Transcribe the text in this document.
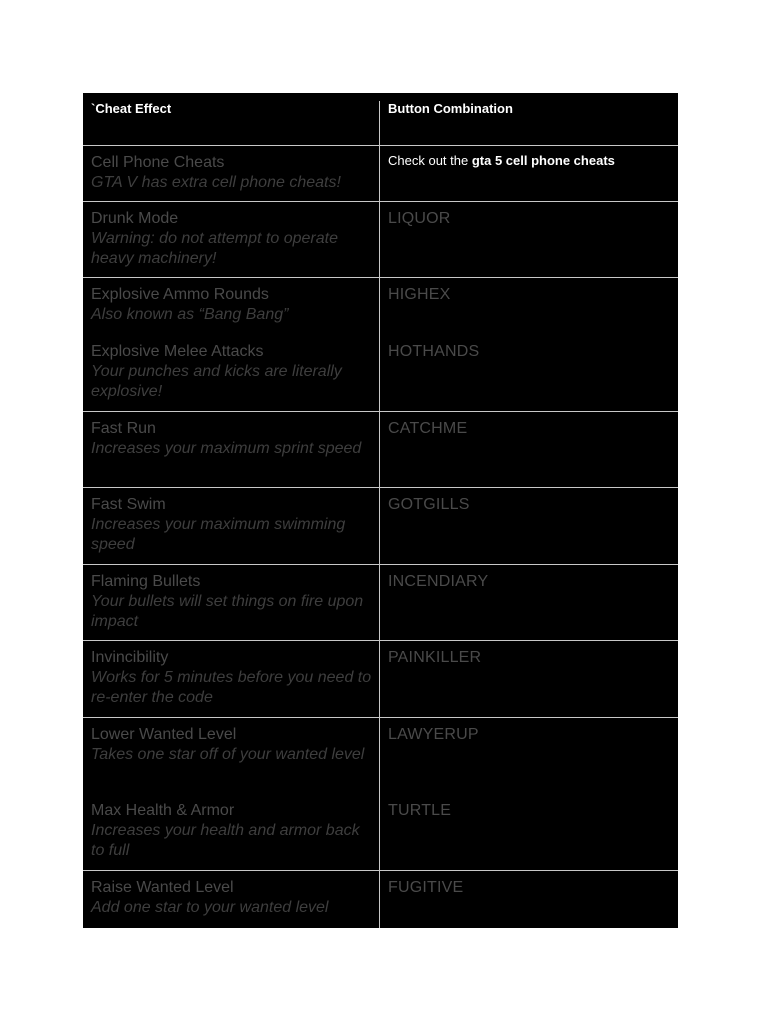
`Cheat Effect	Button Combination
Cell Phone Cheats
GTA V has extra cell phone cheats!
Check out the gta 5 cell phone cheats
Drunk Mode
Warning: do not attempt to operate heavy machinery!
LIQUOR
Explosive Ammo Rounds
Also known as “Bang Bang”
HIGHEX
Explosive Melee Attacks
Your punches and kicks are literally explosive!
HOTHANDS
Fast Run
Increases your maximum sprint speed
CATCHME
Fast Swim
Increases your maximum swimming speed
GOTGILLS
Flaming Bullets
Your bullets will set things on fire upon impact
INCENDIARY
Invincibility
Works for 5 minutes before you need to re-enter the code
PAINKILLER
Lower Wanted Level
Takes one star off of your wanted level
LAWYERUP
Max Health & Armor
Increases your health and armor back to full
TURTLE
Raise Wanted Level
Add one star to your wanted level
FUGITIVE
